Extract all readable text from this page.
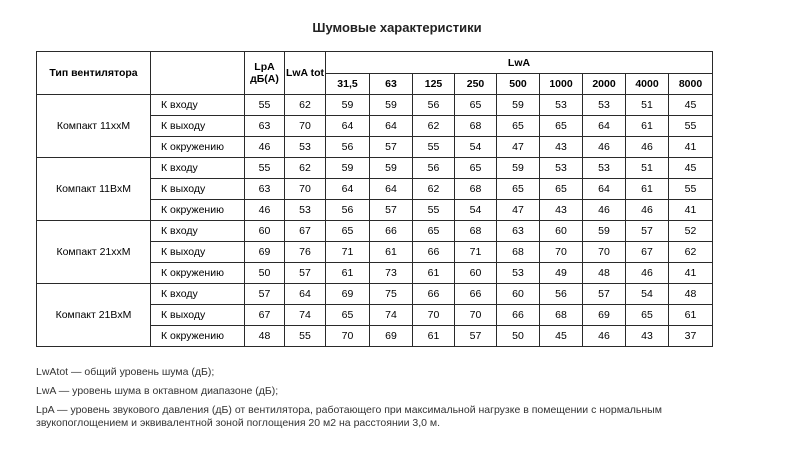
Шумовые характеристики
Тип вентилятора		LpA дБ(А)	LwA tot	LwA								
				31,5	63	125	250	500	1000	2000	4000	8000
Компакт 11xxM	К входу	55	62	59	59	56	65	59	53	53	51	45
	К выходу	63	70	64	64	62	68	65	65	64	61	55
	К окружению	46	53	56	57	55	54	47	43	46	46	41
Компакт 11BxM	К входу	55	62	59	59	56	65	59	53	53	51	45
	К выходу	63	70	64	64	62	68	65	65	64	61	55
	К окружению	46	53	56	57	55	54	47	43	46	46	41
Компакт 21xxM	К входу	60	67	65	66	65	68	63	60	59	57	52
	К выходу	69	76	71	61	66	71	68	70	70	67	62
	К окружению	50	57	61	73	61	60	53	49	48	46	41
Компакт 21BxM	К входу	57	64	69	75	66	66	60	56	57	54	48
	К выходу	67	74	65	74	70	70	66	68	69	65	61
	К окружению	48	55	70	69	61	57	50	45	46	43	37

LwAtot — общий уровень шума (дБ);

LwA — уровень шума в октавном диапазоне (дБ);

LpA — уровень звукового давления (дБ) от вентилятора, работающего при максимальной нагрузке в помещении с нормальным

звукопоглощением и эквивалентной зоной поглощения 20 м2 на расстоянии 3,0 м.
